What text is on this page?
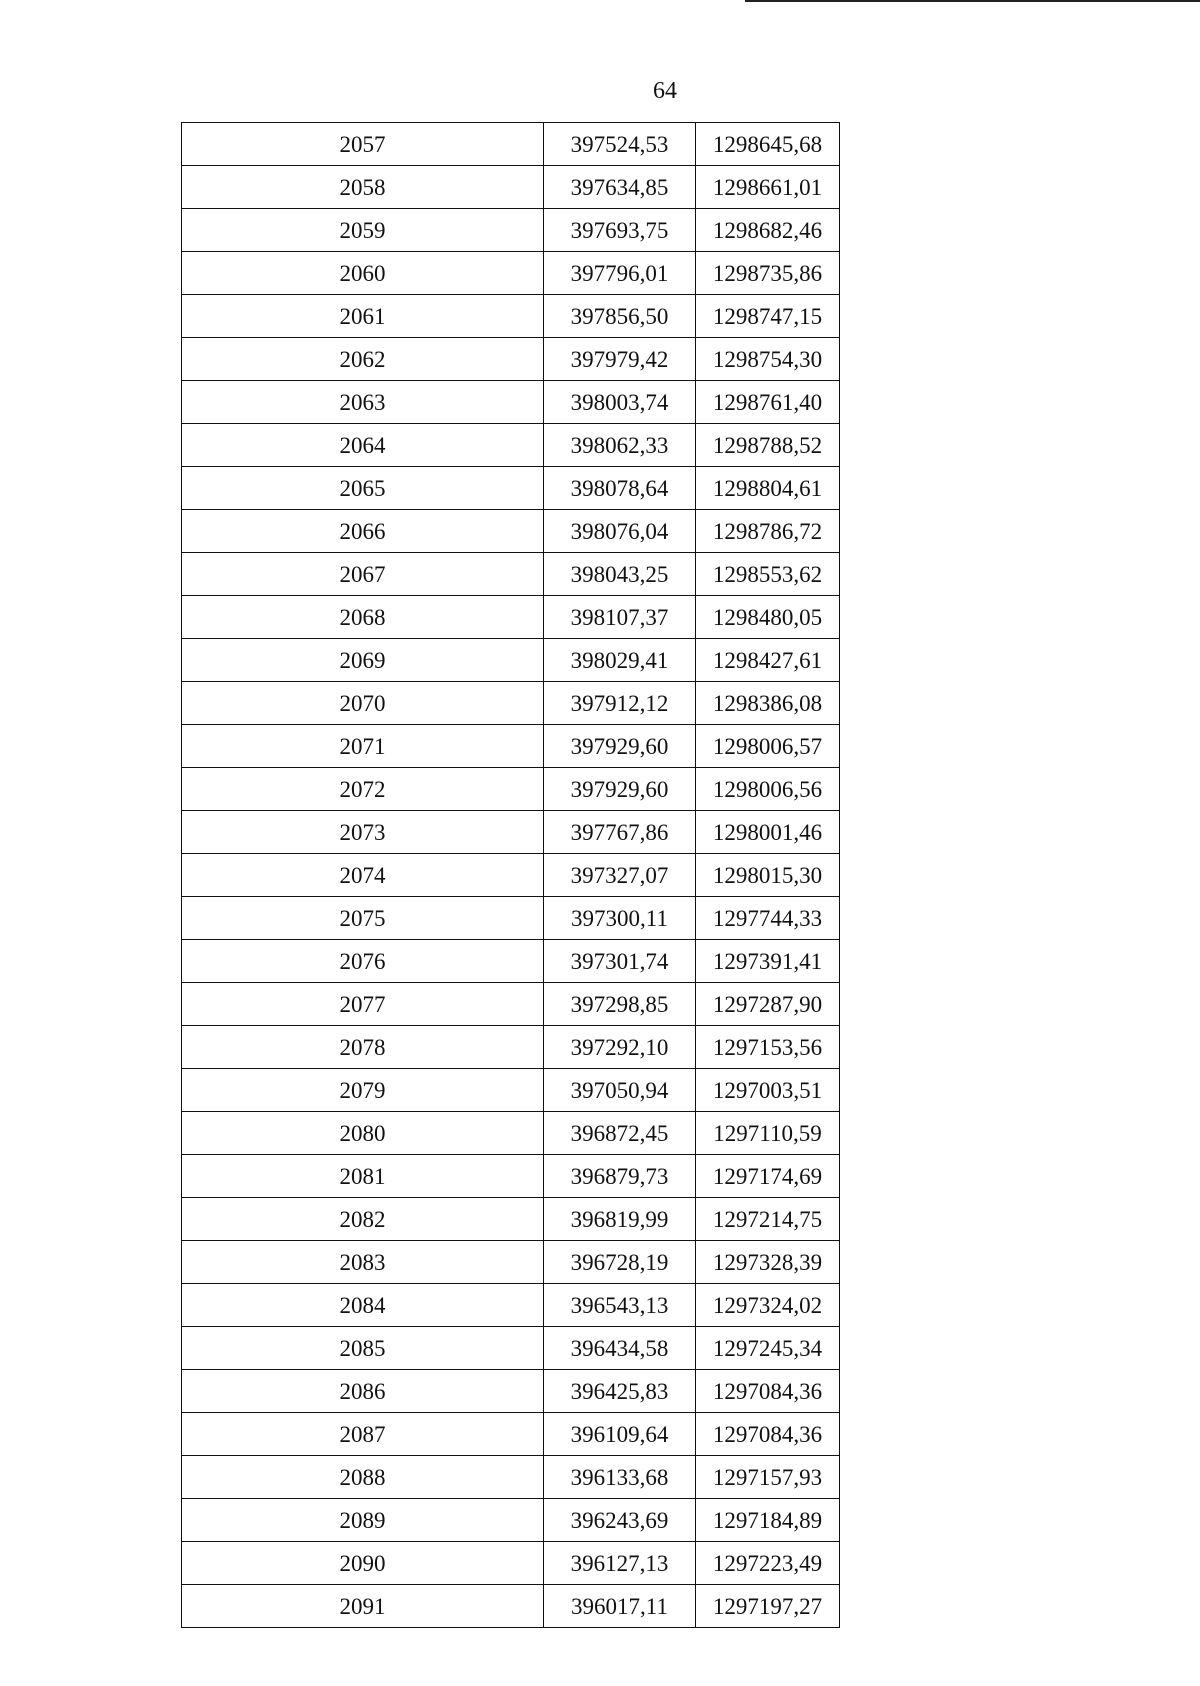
64
2057	397524,53	1298645,68
2058	397634,85	1298661,01
2059	397693,75	1298682,46
2060	397796,01	1298735,86
2061	397856,50	1298747,15
2062	397979,42	1298754,30
2063	398003,74	1298761,40
2064	398062,33	1298788,52
2065	398078,64	1298804,61
2066	398076,04	1298786,72
2067	398043,25	1298553,62
2068	398107,37	1298480,05
2069	398029,41	1298427,61
2070	397912,12	1298386,08
2071	397929,60	1298006,57
2072	397929,60	1298006,56
2073	397767,86	1298001,46
2074	397327,07	1298015,30
2075	397300,11	1297744,33
2076	397301,74	1297391,41
2077	397298,85	1297287,90
2078	397292,10	1297153,56
2079	397050,94	1297003,51
2080	396872,45	1297110,59
2081	396879,73	1297174,69
2082	396819,99	1297214,75
2083	396728,19	1297328,39
2084	396543,13	1297324,02
2085	396434,58	1297245,34
2086	396425,83	1297084,36
2087	396109,64	1297084,36
2088	396133,68	1297157,93
2089	396243,69	1297184,89
2090	396127,13	1297223,49
2091	396017,11	1297197,27
